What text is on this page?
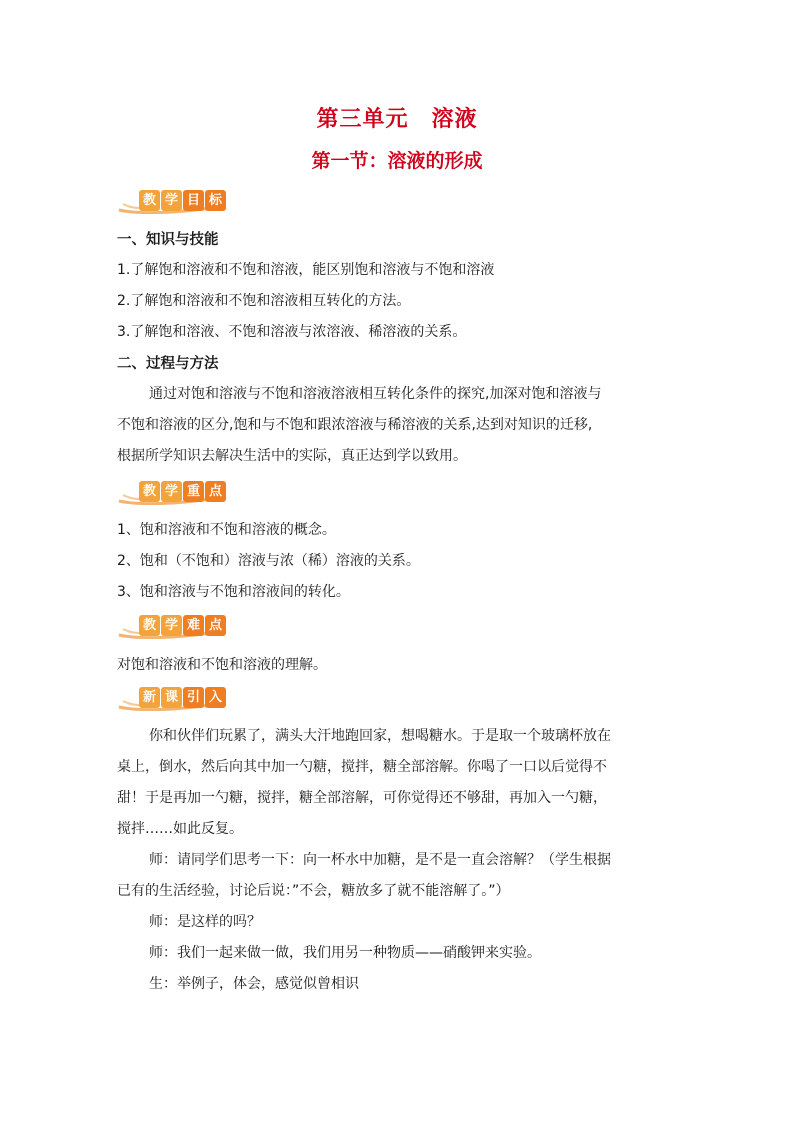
第三单元　溶液
第一节：溶液的形成
教 学 目 标
一、知识与技能
1.了解饱和溶液和不饱和溶液，能区别饱和溶液与不饱和溶液
2.了解饱和溶液和不饱和溶液相互转化的方法。
3.了解饱和溶液、不饱和溶液与浓溶液、稀溶液的关系。
二、过程与方法
通过对饱和溶液与不饱和溶液溶液相互转化条件的探究,加深对饱和溶液与
不饱和溶液的区分,饱和与不饱和跟浓溶液与稀溶液的关系,达到对知识的迁移,
根据所学知识去解决生活中的实际，真正达到学以致用。
教 学 重 点
1、饱和溶液和不饱和溶液的概念。
2、饱和（不饱和）溶液与浓（稀）溶液的关系。
3、饱和溶液与不饱和溶液间的转化。
教 学 难 点
对饱和溶液和不饱和溶液的理解。
新 课 引 入
你和伙伴们玩累了，满头大汗地跑回家，想喝糖水。于是取一个玻璃杯放在
桌上，倒水，然后向其中加一勺糖，搅拌，糖全部溶解。你喝了一口以后觉得不
甜！于是再加一勺糖，搅拌，糖全部溶解，可你觉得还不够甜，再加入一勺糖，
搅拌……如此反复。
师：请同学们思考一下：向一杯水中加糖，是不是一直会溶解？（学生根据
已有的生活经验，讨论后说：”不会，糖放多了就不能溶解了。”）
师：是这样的吗？
师：我们一起来做一做，我们用另一种物质——硝酸钾来实验。
生：举例子，体会，感觉似曾相识
